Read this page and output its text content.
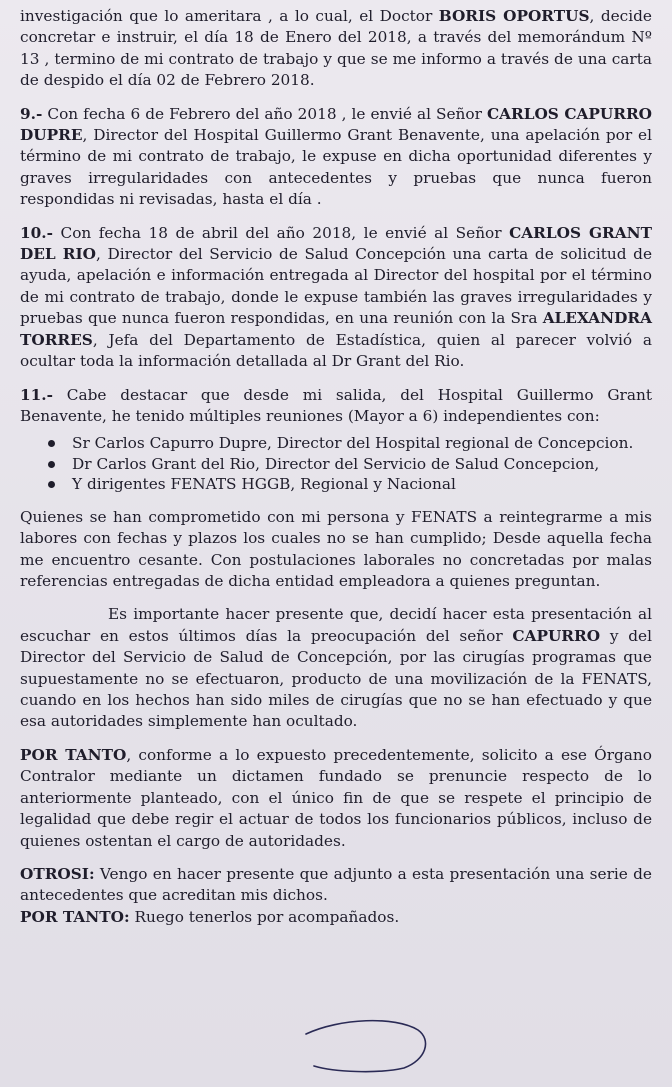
investigación que lo ameritara , a lo cual, el Doctor BORIS OPORTUS, decide concretar e instruir, el día 18 de Enero del 2018, a través del memorándum Nº 13 , termino de mi contrato de trabajo y que se me informo a través de una carta de despido el día 02 de Febrero 2018.

9.- Con fecha 6 de Febrero del año 2018 , le envié al Señor CARLOS CAPURRO DUPRE, Director del Hospital Guillermo Grant Benavente, una apelación por el término de mi contrato de trabajo, le expuse en dicha oportunidad diferentes y graves irregularidades con antecedentes y pruebas que nunca fueron respondidas ni revisadas, hasta el día .

10.- Con fecha 18 de abril del año 2018, le envié al Señor CARLOS GRANT DEL RIO, Director del Servicio de Salud Concepción una carta de solicitud de ayuda, apelación e información entregada al Director del hospital por el término de mi contrato de trabajo, donde le expuse también las graves irregularidades y pruebas que nunca fueron respondidas, en una reunión con la Sra ALEXANDRA TORRES, Jefa del Departamento de Estadística, quien al parecer volvió a ocultar toda la información detallada al Dr Grant del Rio.

11.- Cabe destacar que desde mi salida, del Hospital Guillermo Grant Benavente, he tenido múltiples reuniones (Mayor a 6) independientes con:

Sr Carlos Capurro Dupre, Director del Hospital regional de Concepcion.
Dr Carlos Grant del Rio, Director del Servicio de Salud Concepcion,
Y dirigentes FENATS HGGB, Regional y Nacional

Quienes se han comprometido con mi persona y FENATS a reintegrarme a mis labores con fechas y plazos los cuales no se han cumplido; Desde aquella fecha me encuentro cesante. Con postulaciones laborales no concretadas por malas referencias entregadas de dicha entidad empleadora a quienes preguntan.

Es importante hacer presente que, decidí hacer esta presentación al escuchar en estos últimos días la preocupación del señor CAPURRO y del Director del Servicio de Salud de Concepción, por las cirugías programas que supuestamente no se efectuaron, producto de una movilización de la FENATS, cuando en los hechos han sido miles de cirugías que no se han efectuado y que esa autoridades simplemente han ocultado.

POR TANTO, conforme a lo expuesto precedentemente, solicito a ese Órgano Contralor mediante un dictamen fundado se prenuncie respecto de lo anteriormente planteado, con el único fin de que se respete el principio de legalidad que debe regir el actuar de todos los funcionarios públicos, incluso de quienes ostentan el cargo de autoridades.

OTROSI: Vengo en hacer presente que adjunto a esta presentación una serie de antecedentes que acreditan mis dichos.

POR TANTO: Ruego tenerlos por acompañados.
